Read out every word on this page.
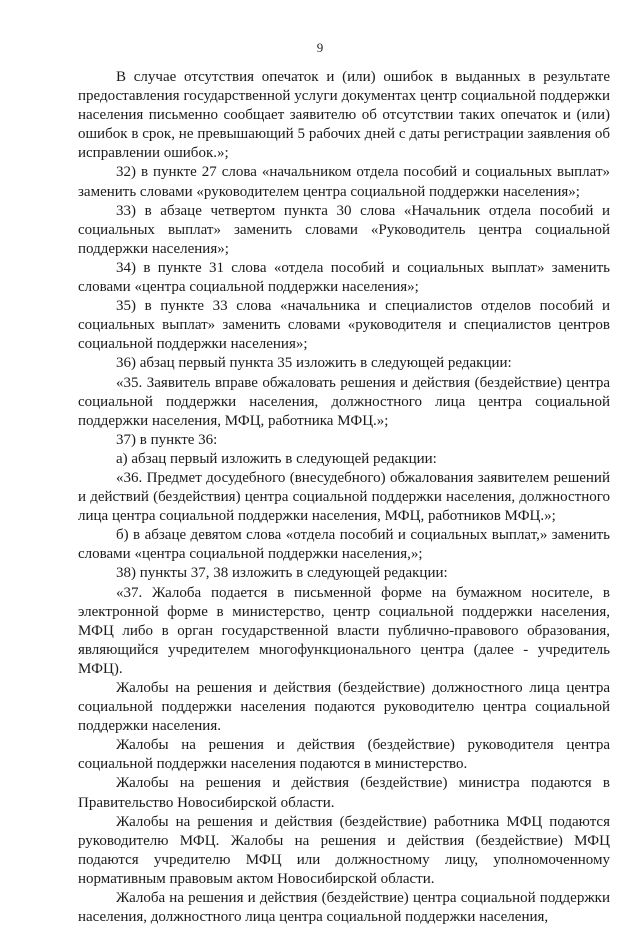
9

В случае отсутствия опечаток и (или) ошибок в выданных в результате предоставления государственной услуги документах центр социальной поддержки населения письменно сообщает заявителю об отсутствии таких опечаток и (или) ошибок в срок, не превышающий 5 рабочих дней с даты регистрации заявления об исправлении ошибок.»;

32) в пункте 27 слова «начальником отдела пособий и социальных выплат» заменить словами «руководителем центра социальной поддержки населения»;

33) в абзаце четвертом пункта 30 слова «Начальник отдела пособий и социальных выплат» заменить словами «Руководитель центра социальной поддержки населения»;

34) в пункте 31 слова «отдела пособий и социальных выплат» заменить словами «центра социальной поддержки населения»;

35) в пункте 33 слова «начальника и специалистов отделов пособий и социальных выплат» заменить словами «руководителя и специалистов центров социальной поддержки населения»;

36) абзац первый пункта 35 изложить в следующей редакции:

«35. Заявитель вправе обжаловать решения и действия (бездействие) центра социальной поддержки населения, должностного лица центра социальной поддержки населения, МФЦ, работника МФЦ.»;

37) в пункте 36:

а) абзац первый изложить в следующей редакции:

«36. Предмет досудебного (внесудебного) обжалования заявителем решений и действий (бездействия) центра социальной поддержки населения, должностного лица центра социальной поддержки населения, МФЦ, работников МФЦ.»;

б) в абзаце девятом слова «отдела пособий и социальных выплат,» заменить словами «центра социальной поддержки населения,»;

38) пункты 37, 38 изложить в следующей редакции:

«37. Жалоба подается в письменной форме на бумажном носителе, в электронной форме в министерство, центр социальной поддержки населения, МФЦ либо в орган государственной власти публично-правового образования, являющийся учредителем многофункционального центра (далее - учредитель МФЦ).

Жалобы на решения и действия (бездействие) должностного лица центра социальной поддержки населения подаются руководителю центра социальной поддержки населения.

Жалобы на решения и действия (бездействие) руководителя центра социальной поддержки населения подаются в министерство.

Жалобы на решения и действия (бездействие) министра подаются в Правительство Новосибирской области.

Жалобы на решения и действия (бездействие) работника МФЦ подаются руководителю МФЦ. Жалобы на решения и действия (бездействие) МФЦ подаются учредителю МФЦ или должностному лицу, уполномоченному нормативным правовым актом Новосибирской области.

Жалоба на решения и действия (бездействие) центра социальной поддержки населения, должностного лица центра социальной поддержки населения,
